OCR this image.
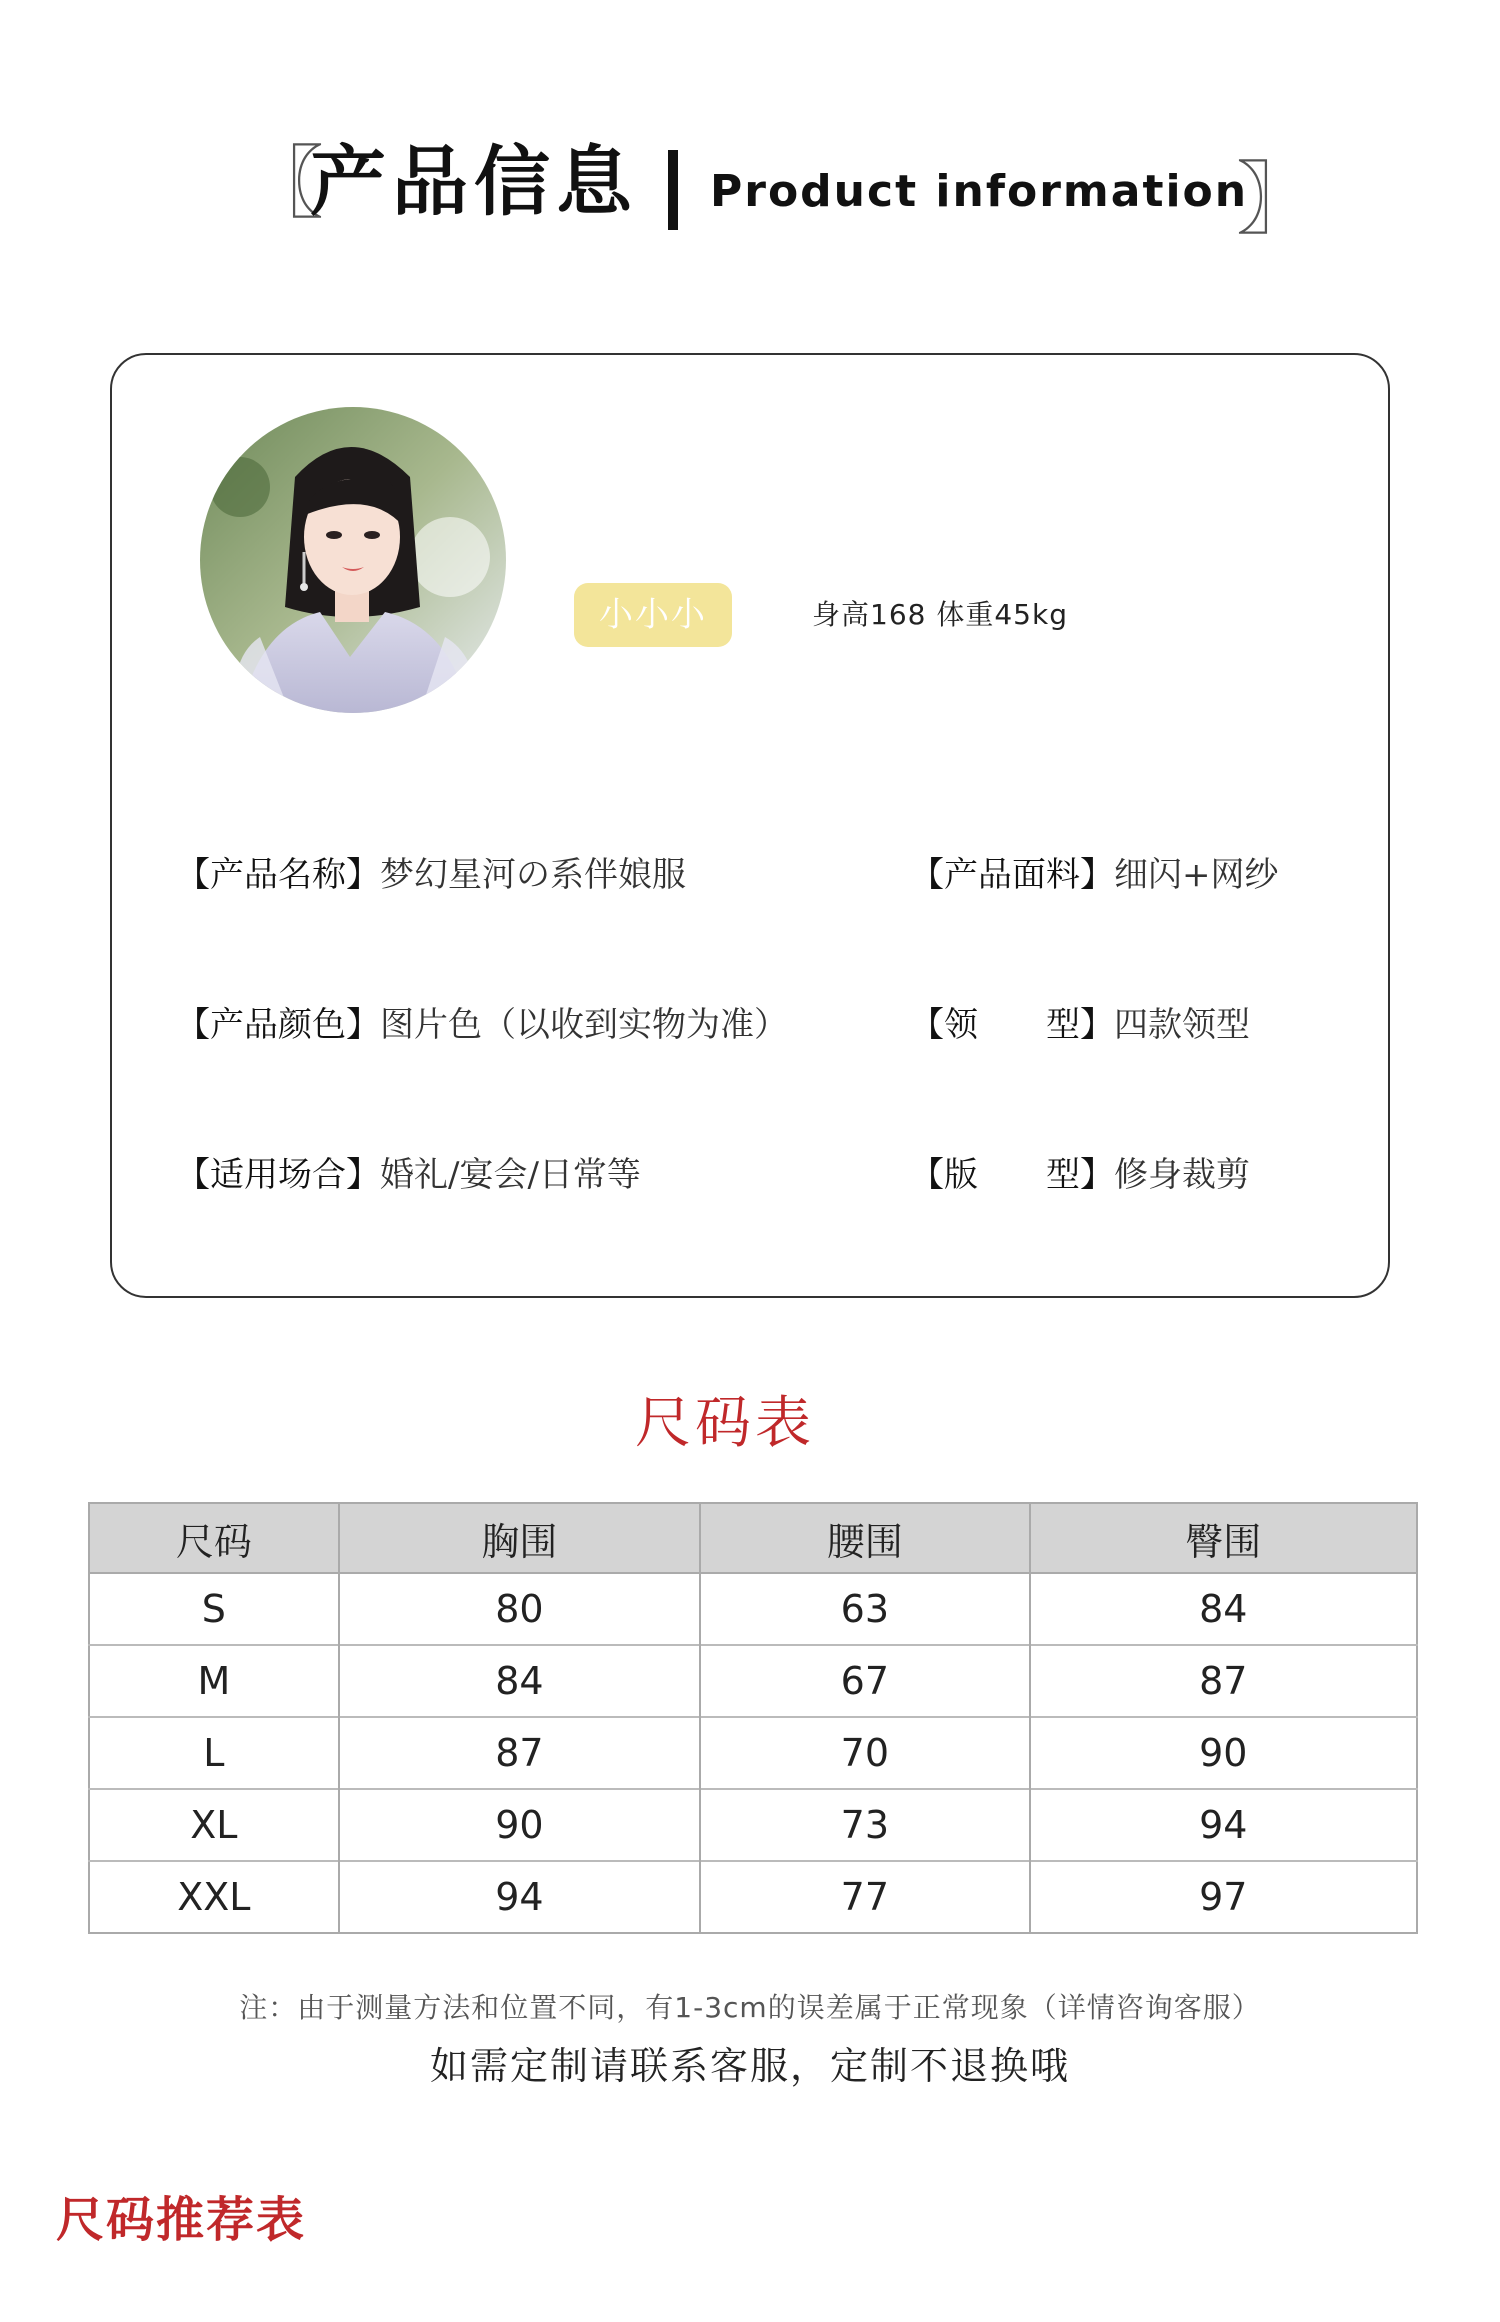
〖
产品信息 Product information
〗
小小小	身高168 体重45kg
【产品名称】梦幻星河の系伴娘服	【产品面料】细闪+网纱
【产品颜色】图片色（以收到实物为准）	【领　　型】四款领型
【适用场合】婚礼/宴会/日常等	【版　　型】修身裁剪
尺码表
尺码	胸围	腰围	臀围
S	80	63	84
M	84	67	87
L	87	70	90
XL	90	73	94
XXL	94	77	97
注：由于测量方法和位置不同，有1-3cm的误差属于正常现象（详情咨询客服）
如需定制请联系客服，定制不退换哦
尺码推荐表
